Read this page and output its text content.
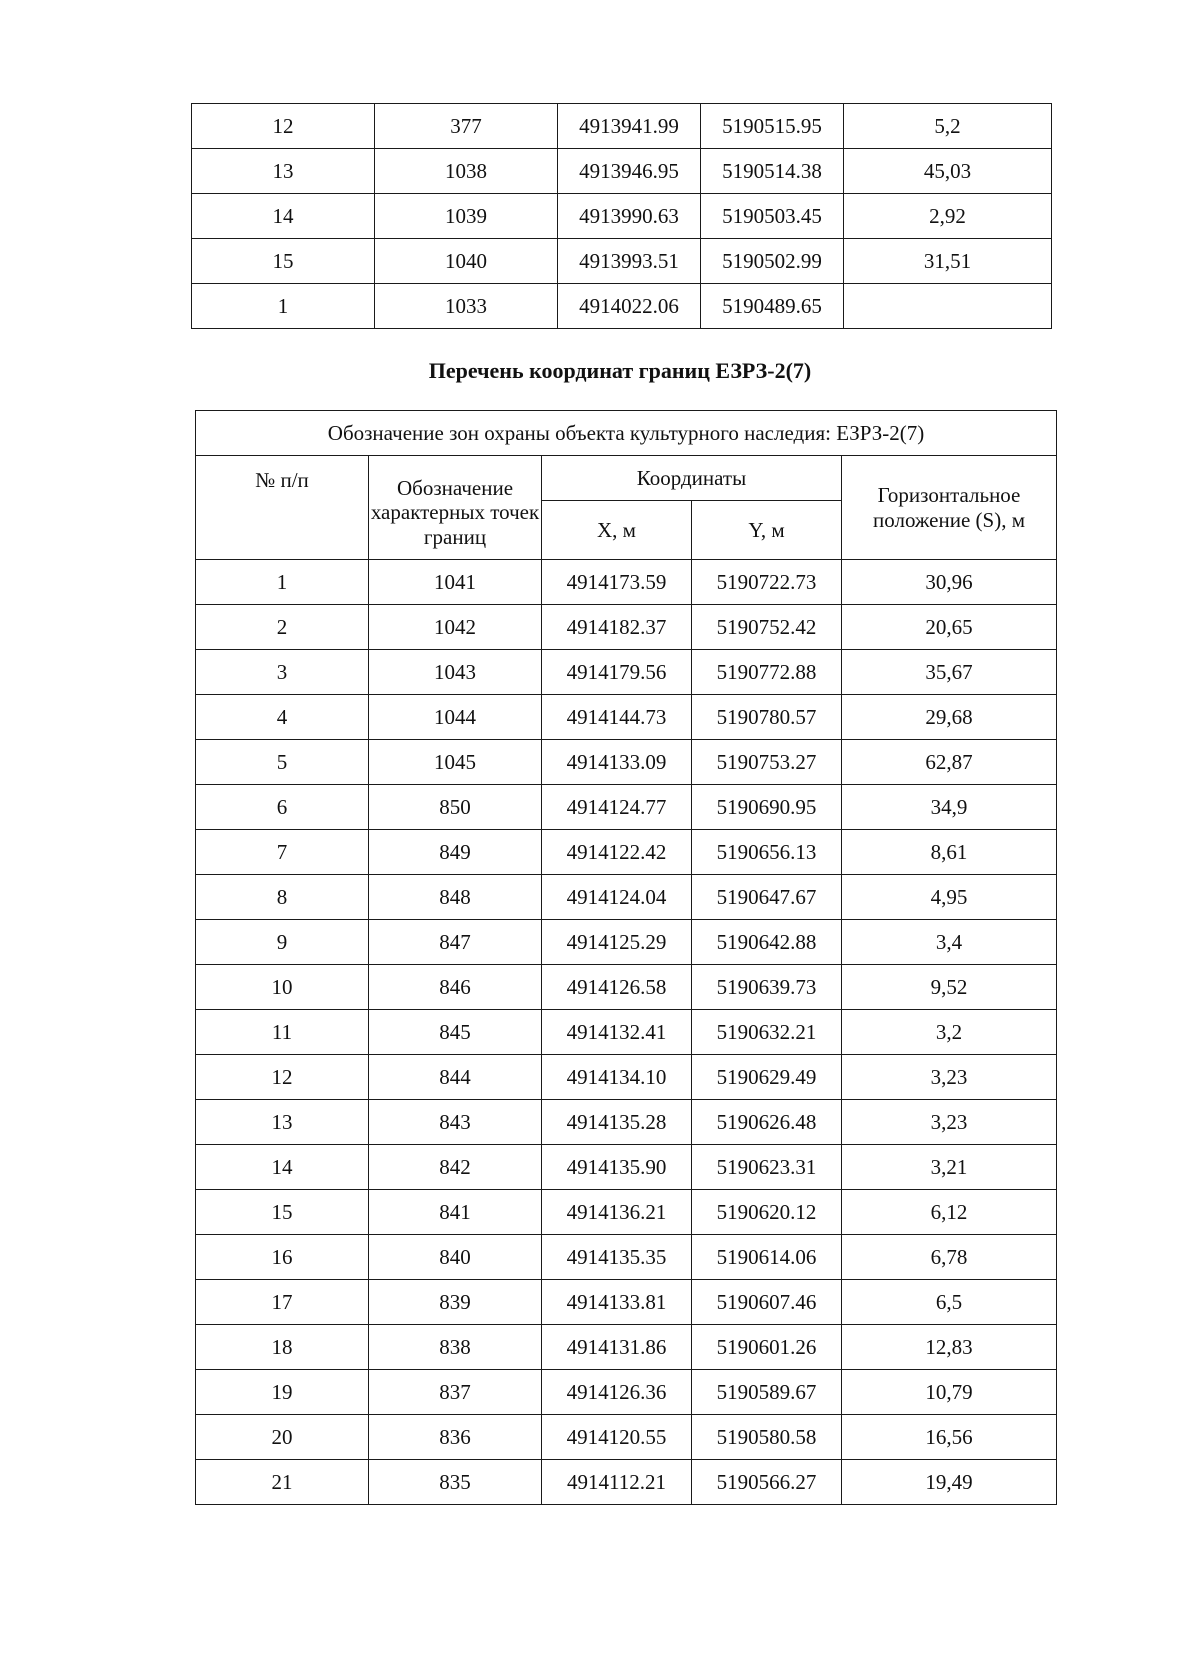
12	377	4913941.99	5190515.95	5,2
13	1038	4913946.95	5190514.38	45,03
14	1039	4913990.63	5190503.45	2,92
15	1040	4913993.51	5190502.99	31,51
1	1033	4914022.06	5190489.65	
Перечень координат границ ЕЗРЗ-2(7)
Обозначение зон охраны объекта культурного наследия: ЕЗРЗ-2(7)				
№ п/п	Обозначение характерных точек границ	Координаты		Горизонтальное положение (S), м
		X, м	Y, м	
1	1041	4914173.59	5190722.73	30,96
2	1042	4914182.37	5190752.42	20,65
3	1043	4914179.56	5190772.88	35,67
4	1044	4914144.73	5190780.57	29,68
5	1045	4914133.09	5190753.27	62,87
6	850	4914124.77	5190690.95	34,9
7	849	4914122.42	5190656.13	8,61
8	848	4914124.04	5190647.67	4,95
9	847	4914125.29	5190642.88	3,4
10	846	4914126.58	5190639.73	9,52
11	845	4914132.41	5190632.21	3,2
12	844	4914134.10	5190629.49	3,23
13	843	4914135.28	5190626.48	3,23
14	842	4914135.90	5190623.31	3,21
15	841	4914136.21	5190620.12	6,12
16	840	4914135.35	5190614.06	6,78
17	839	4914133.81	5190607.46	6,5
18	838	4914131.86	5190601.26	12,83
19	837	4914126.36	5190589.67	10,79
20	836	4914120.55	5190580.58	16,56
21	835	4914112.21	5190566.27	19,49
